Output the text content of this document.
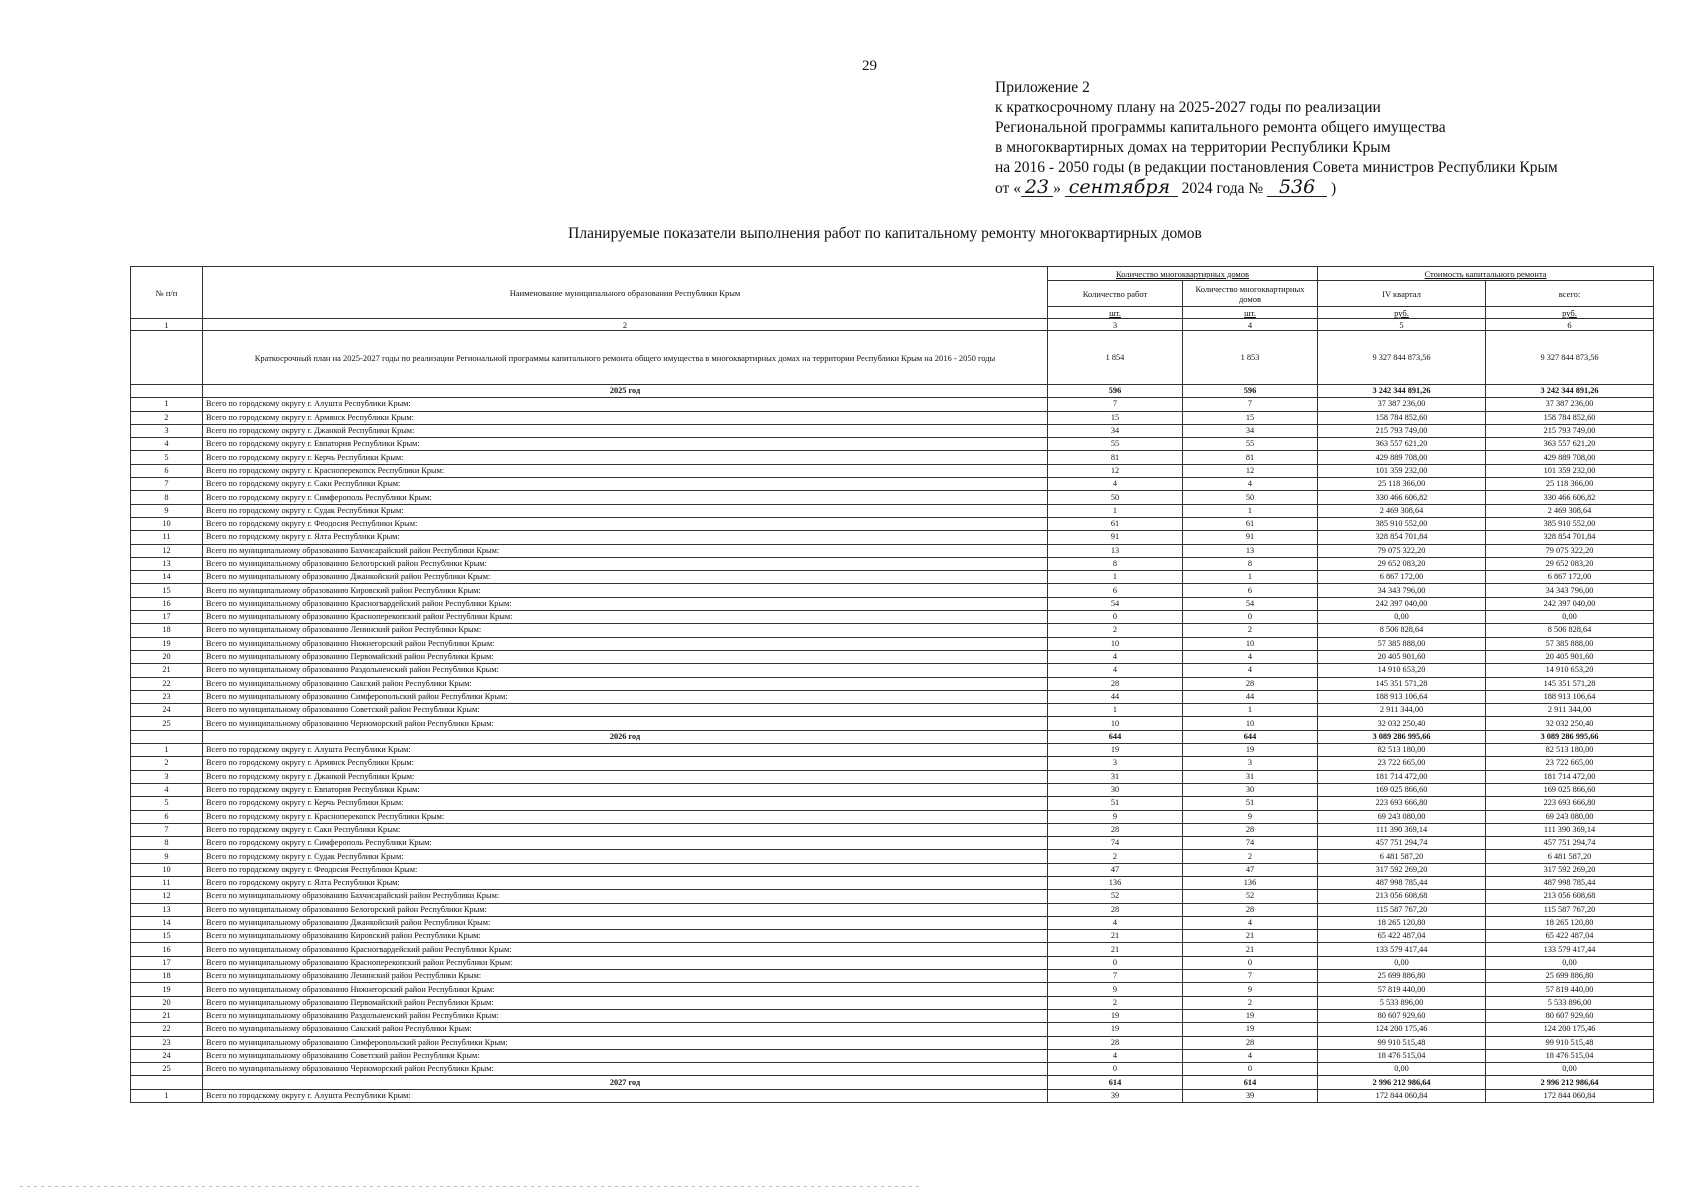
29
Приложение 2
к краткосрочному плану на 2025-2027 годы по реализации
Региональной программы капитального ремонта общего имущества
в многоквартирных домах на территории Республики Крым
на 2016 - 2050 годы (в редакции постановления Совета министров Республики Крым
от « 23 » сентября 2024 года № 536 )
Планируемые показатели выполнения работ по капитальному ремонту многоквартирных домов
№ п/п	Наименование муниципального образования Республики Крым	Количество многоквартирных домов		Стоимость капитального ремонта	
		Количество работ	Количество многоквартирных домов	IV квартал	всего:
		шт.	шт.	руб.	руб.
1	2	3	4	5	6
	Краткосрочный план на 2025-2027 годы по реализации Региональной программы капитального ремонта общего имущества в многоквартирных домах на территории Республики Крым на 2016 - 2050 годы	1 854	1 853	9 327 844 873,56	9 327 844 873,56
	2025 год	596	596	3 242 344 891,26	3 242 344 891,26
1	Всего по городскому округу г. Алушта Республики Крым:	7	7	37 387 236,00	37 387 236,00
2	Всего по городскому округу г. Армянск Республики Крым:	15	15	158 784 852,60	158 784 852,60
3	Всего по городскому округу г. Джанкой Республики Крым:	34	34	215 793 749,00	215 793 749,00
4	Всего по городскому округу г. Евпатория Республики Крым:	55	55	363 557 621,20	363 557 621,20
5	Всего по городскому округу г. Керчь Республики Крым:	81	81	429 889 708,00	429 889 708,00
6	Всего по городскому округу г. Красноперекопск Республики Крым:	12	12	101 359 232,00	101 359 232,00
7	Всего по городскому округу г. Саки Республики Крым:	4	4	25 118 366,00	25 118 366,00
8	Всего по городскому округу г. Симферополь Республики Крым:	50	50	330 466 606,82	330 466 606,82
9	Всего по городскому округу г. Судак Республики Крым:	1	1	2 469 308,64	2 469 308,64
10	Всего по городскому округу г. Феодосия Республики Крым:	61	61	385 910 552,00	385 910 552,00
11	Всего по городскому округу г. Ялта Республики Крым:	91	91	328 854 701,84	328 854 701,84
12	Всего по муниципальному образованию Бахчисарайский район Республики Крым:	13	13	79 075 322,20	79 075 322,20
13	Всего по муниципальному образованию Белогорский район Республики Крым:	8	8	29 652 083,20	29 652 083,20
14	Всего по муниципальному образованию Джанкойский район Республики Крым:	1	1	6 867 172,00	6 867 172,00
15	Всего по муниципальному образованию Кировский район Республики Крым:	6	6	34 343 796,00	34 343 796,00
16	Всего по муниципальному образованию Красногвардейский район Республики Крым:	54	54	242 397 040,00	242 397 040,00
17	Всего по муниципальному образованию Красноперекопский район Республики Крым:	0	0	0,00	0,00
18	Всего по муниципальному образованию Ленинский район Республики Крым:	2	2	8 506 828,64	8 506 828,64
19	Всего по муниципальному образованию Нижнегорский район Республики Крым:	10	10	57 385 888,00	57 385 888,00
20	Всего по муниципальному образованию Первомайский район Республики Крым:	4	4	20 405 901,60	20 405 901,60
21	Всего по муниципальному образованию Раздольненский район Республики Крым:	4	4	14 910 653,20	14 910 653,20
22	Всего по муниципальному образованию Сакский район Республики Крым:	28	28	145 351 571,28	145 351 571,28
23	Всего по муниципальному образованию Симферопольский район Республики Крым:	44	44	188 913 106,64	188 913 106,64
24	Всего по муниципальному образованию Советский район Республики Крым:	1	1	2 911 344,00	2 911 344,00
25	Всего по муниципальному образованию Черноморский район Республики Крым:	10	10	32 032 250,40	32 032 250,40
	2026 год	644	644	3 089 286 995,66	3 089 286 995,66
1	Всего по городскому округу г. Алушта Республики Крым:	19	19	82 513 180,00	82 513 180,00
2	Всего по городскому округу г. Армянск Республики Крым:	3	3	23 722 665,00	23 722 665,00
3	Всего по городскому округу г. Джанкой Республики Крым:	31	31	181 714 472,00	181 714 472,00
4	Всего по городскому округу г. Евпатория Республики Крым:	30	30	169 025 866,60	169 025 866,60
5	Всего по городскому округу г. Керчь Республики Крым:	51	51	223 693 666,80	223 693 666,80
6	Всего по городскому округу г. Красноперекопск Республики Крым:	9	9	69 243 080,00	69 243 080,00
7	Всего по городскому округу г. Саки Республики Крым:	28	28	111 390 369,14	111 390 369,14
8	Всего по городскому округу г. Симферополь Республики Крым:	74	74	457 751 294,74	457 751 294,74
9	Всего по городскому округу г. Судак Республики Крым:	2	2	6 481 587,20	6 481 587,20
10	Всего по городскому округу г. Феодосия Республики Крым:	47	47	317 592 269,20	317 592 269,20
11	Всего по городскому округу г. Ялта Республики Крым:	136	136	487 998 785,44	487 998 785,44
12	Всего по муниципальному образованию Бахчисарайский район Республики Крым:	52	52	213 056 608,68	213 056 608,68
13	Всего по муниципальному образованию Белогорский район Республики Крым:	28	28	115 587 767,20	115 587 767,20
14	Всего по муниципальному образованию Джанкойский район Республики Крым:	4	4	18 265 120,80	18 265 120,80
15	Всего по муниципальному образованию Кировский район Республики Крым:	21	21	65 422 487,04	65 422 487,04
16	Всего по муниципальному образованию Красногвардейский район Республики Крым:	21	21	133 579 417,44	133 579 417,44
17	Всего по муниципальному образованию Красноперекопский район Республики Крым:	0	0	0,00	0,00
18	Всего по муниципальному образованию Ленинский район Республики Крым:	7	7	25 699 886,80	25 699 886,80
19	Всего по муниципальному образованию Нижнегорский район Республики Крым:	9	9	57 819 440,00	57 819 440,00
20	Всего по муниципальному образованию Первомайский район Республики Крым:	2	2	5 533 896,00	5 533 896,00
21	Всего по муниципальному образованию Раздольненский район Республики Крым:	19	19	80 607 929,60	80 607 929,60
22	Всего по муниципальному образованию Сакский район Республики Крым:	19	19	124 200 175,46	124 200 175,46
23	Всего по муниципальному образованию Симферопольский район Республики Крым:	28	28	99 910 515,48	99 910 515,48
24	Всего по муниципальному образованию Советский район Республики Крым:	4	4	18 476 515,04	18 476 515,04
25	Всего по муниципальному образованию Черноморский район Республики Крым:	0	0	0,00	0,00
	2027 год	614	614	2 996 212 986,64	2 996 212 986,64
1	Всего по городскому округу г. Алушта Республики Крым:	39	39	172 844 060,84	172 844 060,84
